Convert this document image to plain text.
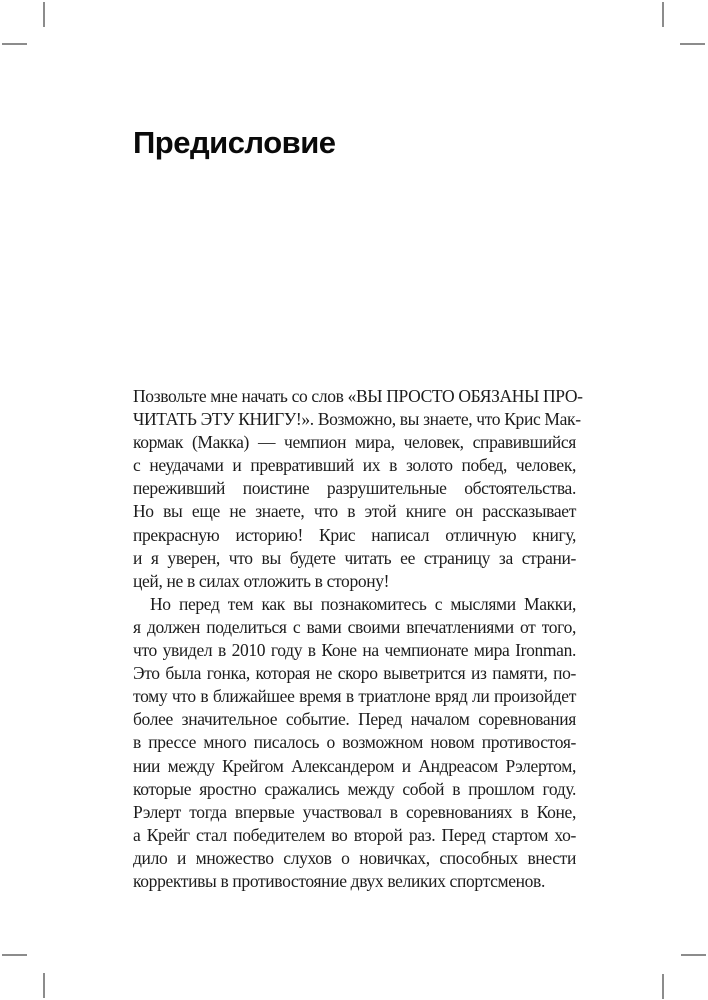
Предисловие
Позвольте мне начать со слов «ВЫ ПРОСТО ОБЯЗАНЫ ПРО-
ЧИТАТЬ ЭТУ КНИГУ!». Возможно, вы знаете, что Крис Мак-
кормак (Макка) — чемпион мира, человек, справившийся
с неудачами и превративший их в золото побед, человек,
переживший поистине разрушительные обстоятельства.
Но вы еще не знаете, что в этой книге он рассказывает
прекрасную историю! Крис написал отличную книгу,
и я уверен, что вы будете читать ее страницу за страни-
цей, не в силах отложить в сторону!
Но перед тем как вы познакомитесь с мыслями Макки,
я должен поделиться с вами своими впечатлениями от того,
что увидел в 2010 году в Коне на чемпионате мира Ironman.
Это была гонка, которая не скоро выветрится из памяти, по-
тому что в ближайшее время в триатлоне вряд ли произойдет
более значительное событие. Перед началом соревнования
в прессе много писалось о возможном новом противостоя-
нии между Крейгом Александером и Андреасом Рэлертом,
которые яростно сражались между собой в прошлом году.
Рэлерт тогда впервые участвовал в соревнованиях в Коне,
а Крейг стал победителем во второй раз. Перед стартом хо-
дило и множество слухов о новичках, способных внести
коррективы в противостояние двух великих спортсменов.
